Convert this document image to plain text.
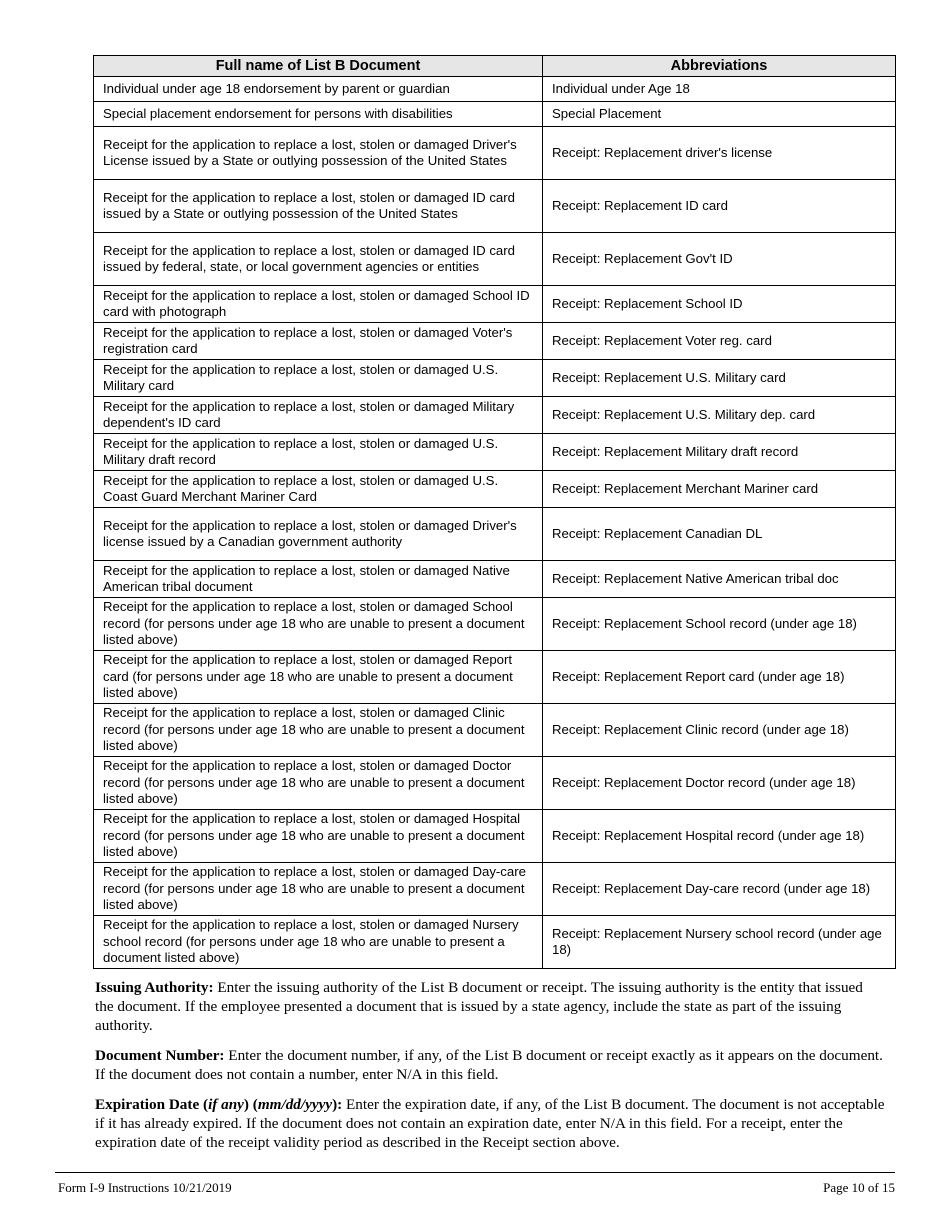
Full name of List B Document	Abbreviations
Individual under age 18 endorsement by parent or guardian	Individual under Age 18
Special placement endorsement for persons with disabilities	Special Placement
Receipt for the application to replace a lost, stolen or damaged Driver's License issued by a State or outlying possession of the United States	Receipt: Replacement driver's license
Receipt for the application to replace a lost, stolen or damaged ID card issued by a State or outlying possession of the United States	Receipt: Replacement ID card
Receipt for the application to replace a lost, stolen or damaged ID card issued by federal, state, or local government agencies or entities	Receipt: Replacement Gov't ID
Receipt for the application to replace a lost, stolen or damaged School ID card with photograph	Receipt: Replacement School ID
Receipt for the application to replace a lost, stolen or damaged Voter's registration card	Receipt: Replacement Voter reg. card
Receipt for the application to replace a lost, stolen or damaged U.S. Military card	Receipt: Replacement U.S. Military card
Receipt for the application to replace a lost, stolen or damaged Military dependent's ID card	Receipt: Replacement U.S. Military dep. card
Receipt for the application to replace a lost, stolen or damaged U.S. Military draft record	Receipt: Replacement Military draft record
Receipt for the application to replace a lost, stolen or damaged U.S. Coast Guard Merchant Mariner Card	Receipt: Replacement Merchant Mariner card
Receipt for the application to replace a lost, stolen or damaged Driver's license issued by a Canadian government authority	Receipt: Replacement Canadian DL
Receipt for the application to replace a lost, stolen or damaged Native American tribal document	Receipt: Replacement Native American tribal doc
Receipt for the application to replace a lost, stolen or damaged School record (for persons under age 18 who are unable to present a document listed above)	Receipt: Replacement School record (under age 18)
Receipt for the application to replace a lost, stolen or damaged Report card (for persons under age 18 who are unable to present a document listed above)	Receipt: Replacement Report card (under age 18)
Receipt for the application to replace a lost, stolen or damaged Clinic record (for persons under age 18 who are unable to present a document listed above)	Receipt: Replacement Clinic record (under age 18)
Receipt for the application to replace a lost, stolen or damaged Doctor record (for persons under age 18 who are unable to present a document listed above)	Receipt: Replacement Doctor record (under age 18)
Receipt for the application to replace a lost, stolen or damaged Hospital record (for persons under age 18 who are unable to present a document listed above)	Receipt: Replacement Hospital record (under age 18)
Receipt for the application to replace a lost, stolen or damaged Day-care record (for persons under age 18 who are unable to present a document listed above)	Receipt: Replacement Day-care record (under age 18)
Receipt for the application to replace a lost, stolen or damaged Nursery school record (for persons under age 18 who are unable to present a document listed above)	Receipt: Replacement Nursery school record (under age 18)

Issuing Authority: Enter the issuing authority of the List B document or receipt. The issuing authority is the entity that issued the document. If the employee presented a document that is issued by a state agency, include the state as part of the issuing authority.

Document Number: Enter the document number, if any, of the List B document or receipt exactly as it appears on the document. If the document does not contain a number, enter N/A in this field.

Expiration Date (if any) (mm/dd/yyyy): Enter the expiration date, if any, of the List B document. The document is not acceptable if it has already expired. If the document does not contain an expiration date, enter N/A in this field. For a receipt, enter the expiration date of the receipt validity period as described in the Receipt section above.

Form I-9 Instructions 10/21/2019	Page 10 of 15
